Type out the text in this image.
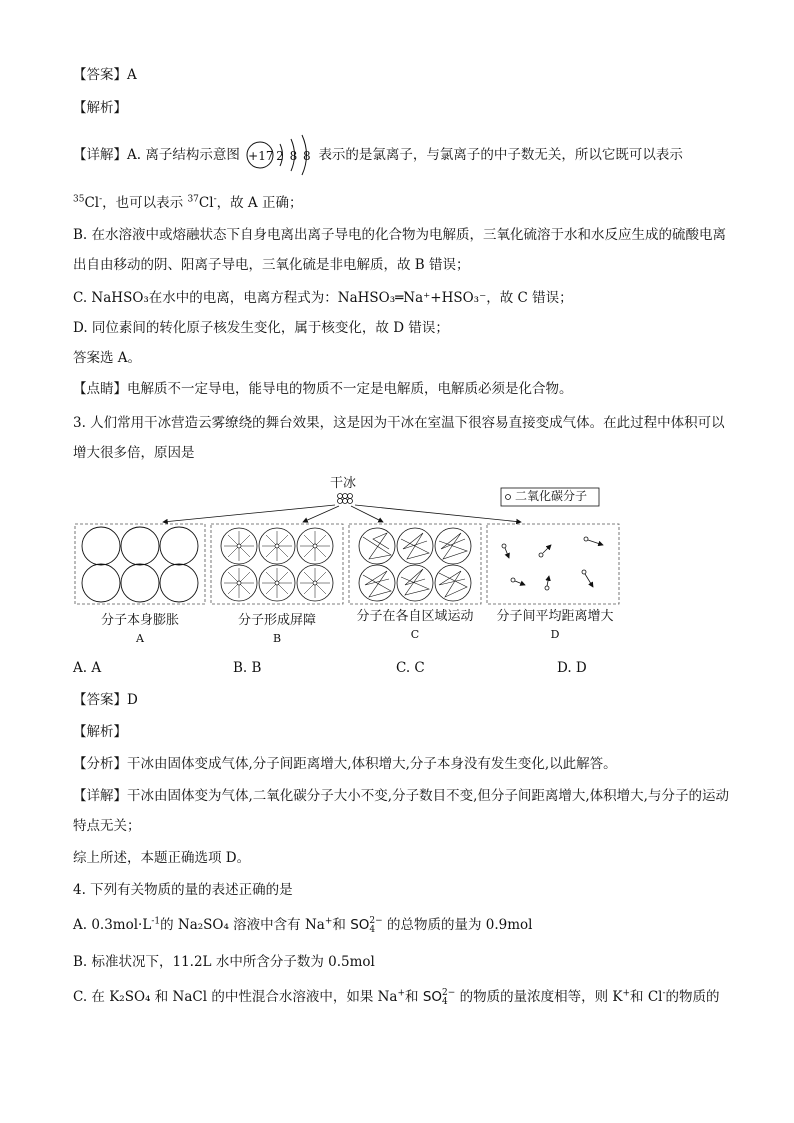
【答案】A
【解析】
【详解】A. 离子结构示意图 +17 2 8 8 表示的是氯离子，与氯离子的中子数无关，所以它既可以表示
$^{35}$Cl-，也可以表示 $^{37}$Cl-，故 A 正确；
B. 在水溶液中或熔融状态下自身电离出离子导电的化合物为电解质，三氧化硫溶于水和水反应生成的硫酸电离出自由移动的阴、阳离子导电，三氧化硫是非电解质，故 B 错误；
C. NaHSO₃在水中的电离，电离方程式为：NaHSO₃═Na⁺+HSO₃⁻，故 C 错误；
D. 同位素间的转化原子核发生变化，属于核变化，故 D 错误；
答案选 A。
【点睛】电解质不一定导电，能导电的物质不一定是电解质，电解质必须是化合物。
3. 人们常用干冰营造云雾缭绕的舞台效果，这是因为干冰在室温下很容易直接变成气体。在此过程中体积可以增大很多倍，原因是
干冰
二氧化碳分子
分子本身膨胀
A
分子形成屏障
B
分子在各自区域运动
C
分子间平均距离增大
D
A. A	B. B	C. C	D. D
【答案】D
【解析】
【分析】干冰由固体变成气体,分子间距离增大,体积增大,分子本身没有发生变化,以此解答。
【详解】干冰由固体变为气体,二氧化碳分子大小不变,分子数目不变,但分子间距离增大,体积增大,与分子的运动特点无关；
综上所述，本题正确选项 D。
4. 下列有关物质的量的表述正确的是
A. $0.3mol\cdot L^{-1}$的 Na₂SO₄ 溶液中含有 Na+和 SO2−
4 的总物质的量为 0.9mol
B. 标准状况下，11.2L 水中所含分子数为 0.5mol
C. 在 K₂SO₄ 和 NaCl 的中性混合水溶液中，如果 Na+和 SO2−
4 的物质的量浓度相等，则 K+和 Cl-的物质的
